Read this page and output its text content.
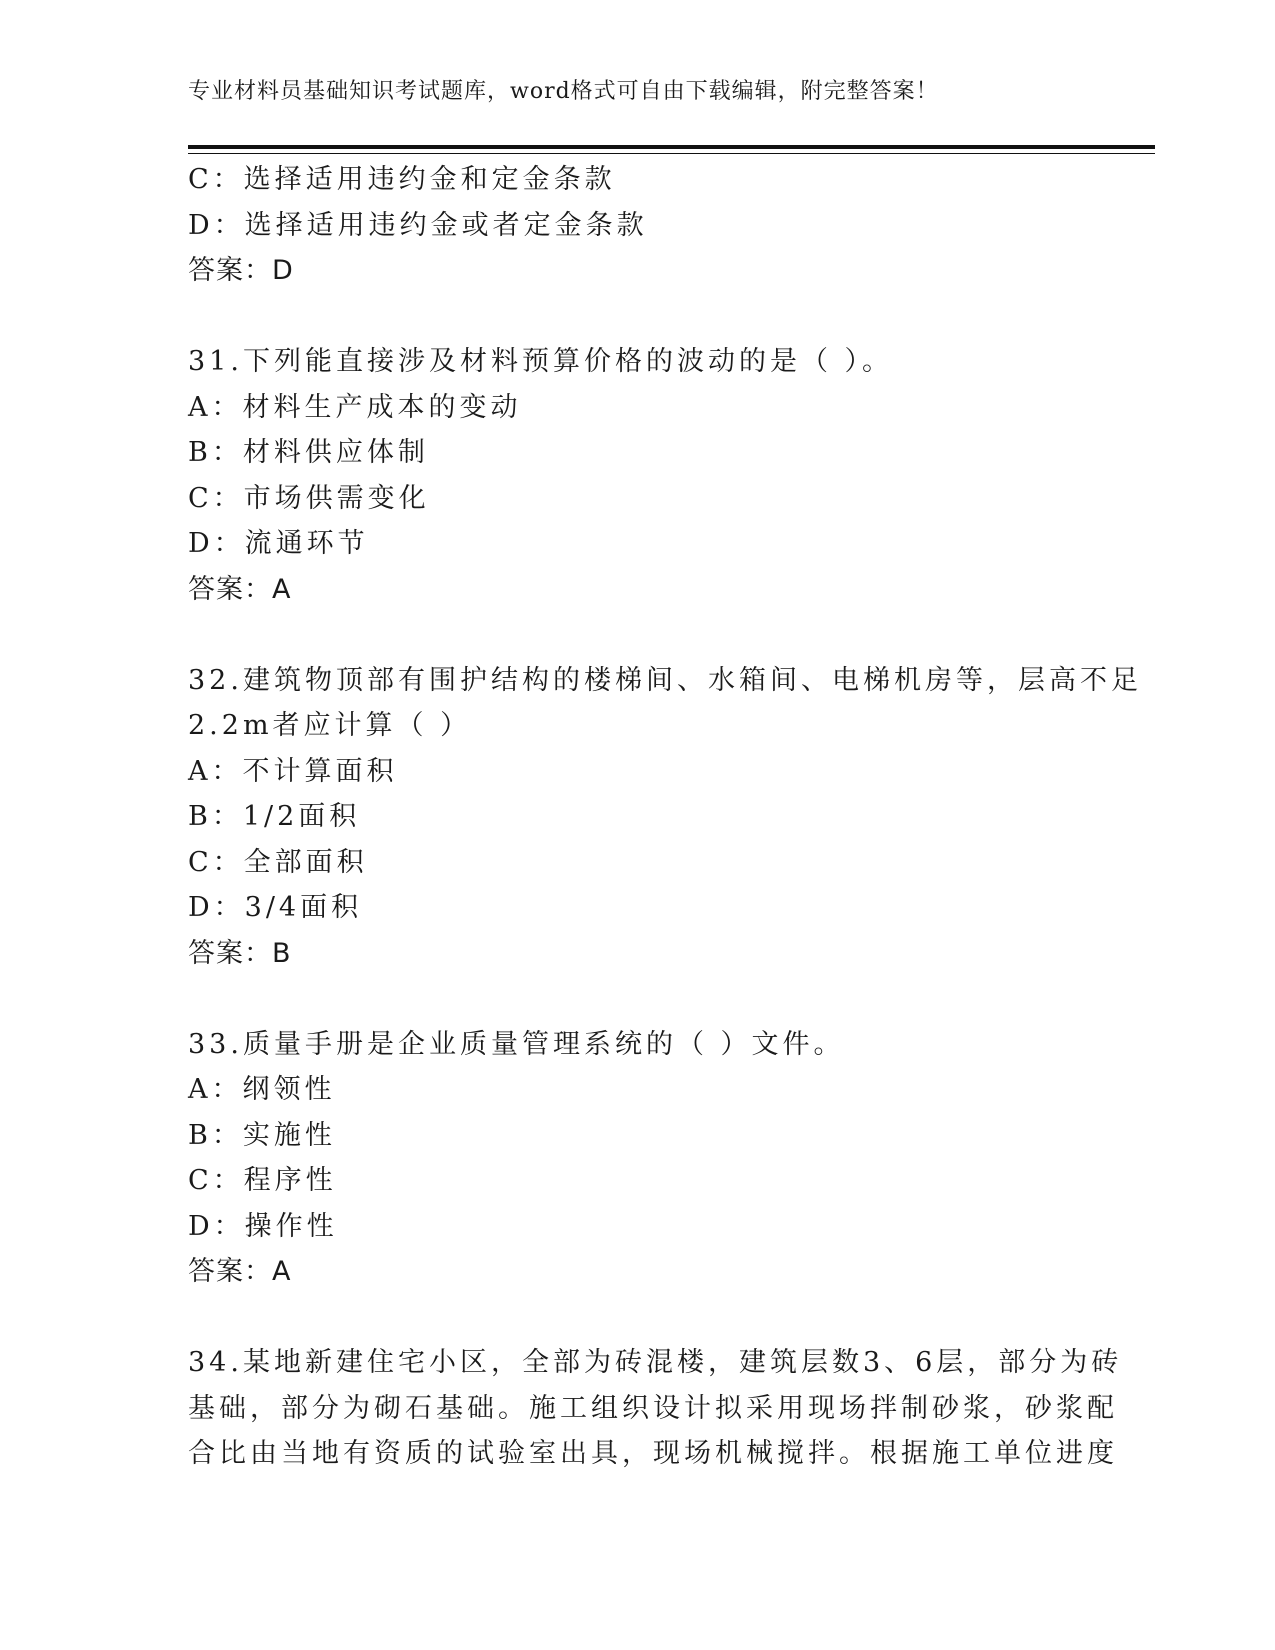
专业材料员基础知识考试题库，word格式可自由下载编辑，附完整答案！
C：选择适用违约金和定金条款
D：选择适用违约金或者定金条款
答案：D
31.下列能直接涉及材料预算价格的波动的是（ ）。
A：材料生产成本的变动
B：材料供应体制
C：市场供需变化
D：流通环节
答案：A
32.建筑物顶部有围护结构的楼梯间、水箱间、电梯机房等，层高不足
2.2m者应计算（ ）
A：不计算面积
B：1/2面积
C：全部面积
D：3/4面积
答案：B
33.质量手册是企业质量管理系统的（ ）文件。
A：纲领性
B：实施性
C：程序性
D：操作性
答案：A
34.某地新建住宅小区，全部为砖混楼，建筑层数3、6层，部分为砖
基础，部分为砌石基础。施工组织设计拟采用现场拌制砂浆，砂浆配
合比由当地有资质的试验室出具，现场机械搅拌。根据施工单位进度
